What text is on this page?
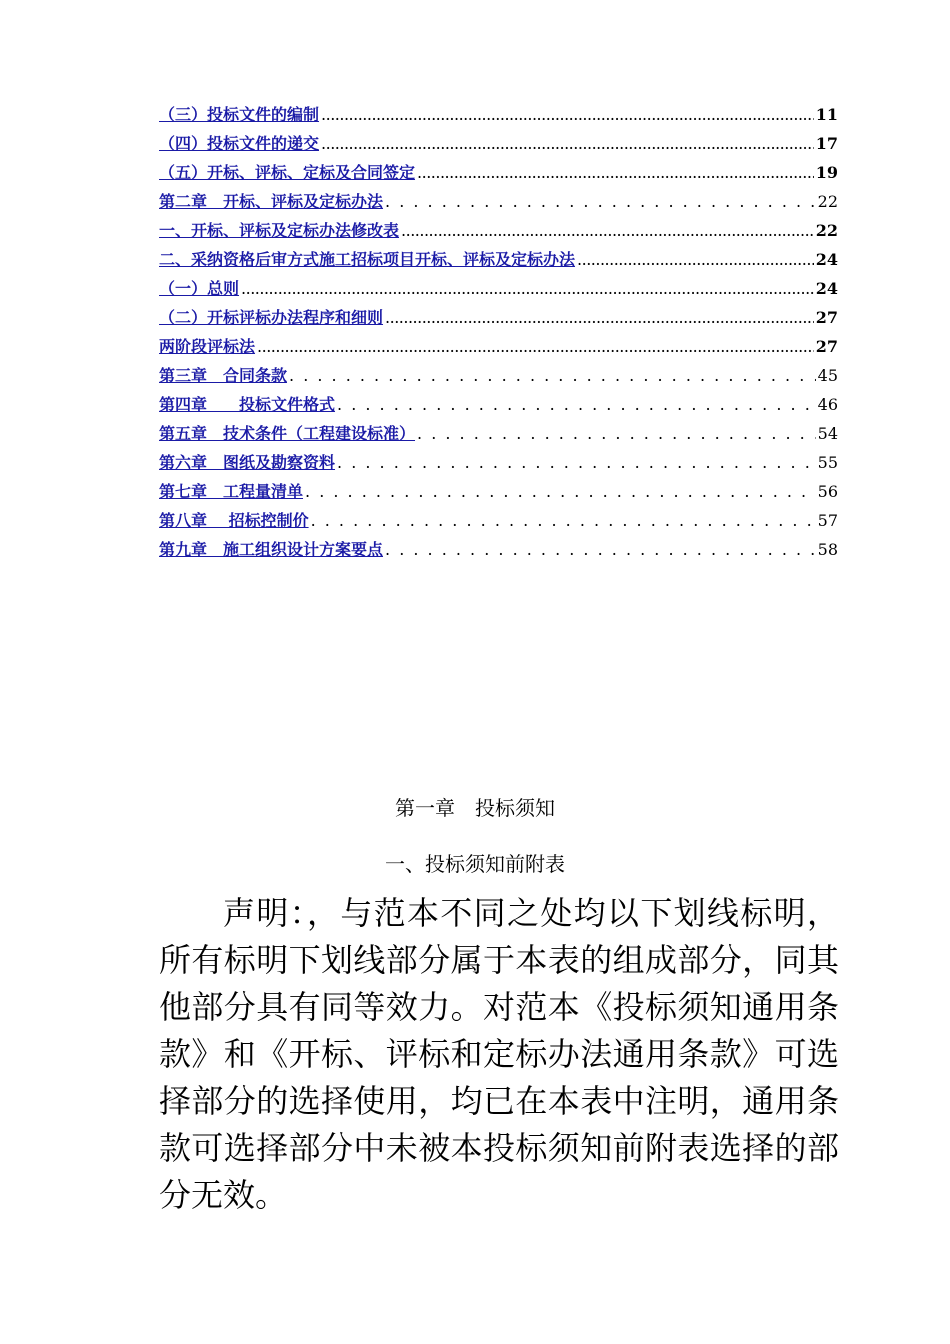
（三）投标文件的编制 .....	11
（四）投标文件的递交 .....	17
（五）开标、评标、定标及合同签定 .....	19
第二章　开标、评标及定标办法 . . .	22
一、开标、评标及定标办法修改表 .....	22
二、采纳资格后审方式施工招标项目开标、评标及定标办法 .....	24
（一）总则 .....	24
（二）开标评标办法程序和细则 .....	27
两阶段评标法 .....	27
第三章　合同条款 . . .	45
第四章　　投标文件格式 . . .	46
第五章　技术条件（工程建设标准） . . .	54
第六章　图纸及勘察资料 . . .	55
第七章　工程量清单 . . .	56
第八章　 招标控制价 . . .	57
第九章　施工组织设计方案要点 . . .	58
第一章　投标须知
一、投标须知前附表
声明：，与范本不同之处均以下划线标明，所有标明下划线部分属于本表的组成部分，同其他部分具有同等效力。对范本《投标须知通用条款》和《开标、评标和定标办法通用条款》可选择部分的选择使用，均已在本表中注明，通用条款可选择部分中未被本投标须知前附表选择的部分无效。
